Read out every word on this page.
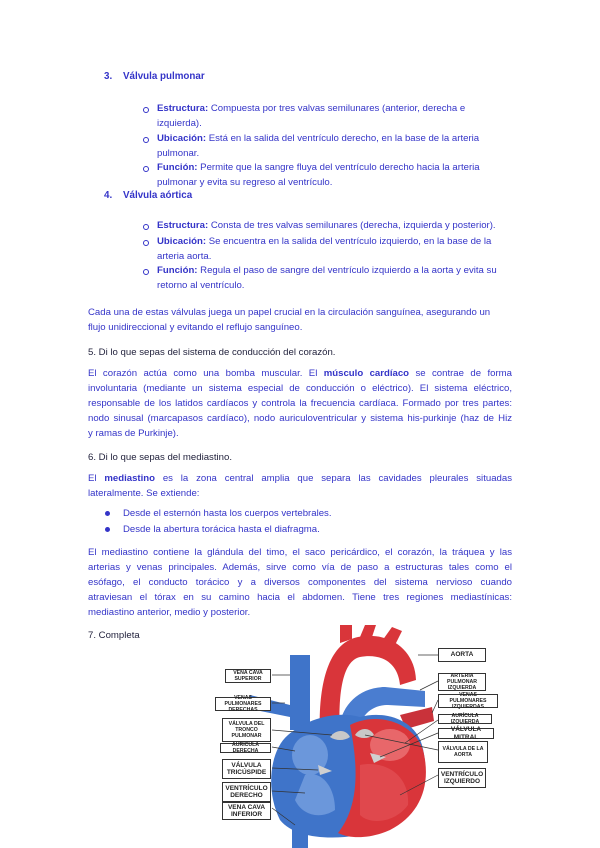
3. Válvula pulmonar
Estructura: Compuesta por tres valvas semilunares (anterior, derecha e
izquierda).
Ubicación: Está en la salida del ventrículo derecho, en la base de la arteria
pulmonar.
Función: Permite que la sangre fluya del ventrículo derecho hacia la arteria
pulmonar y evita su regreso al ventrículo.
4. Válvula aórtica
Estructura: Consta de tres valvas semilunares (derecha, izquierda y posterior).
Ubicación: Se encuentra en la salida del ventrículo izquierdo, en la base de la
arteria aorta.
Función: Regula el paso de sangre del ventrículo izquierdo a la aorta y evita su
retorno al ventrículo.
Cada una de estas válvulas juega un papel crucial en la circulación sanguínea, asegurando un
flujo unidireccional y evitando el reflujo sanguíneo.
5. Di lo que sepas del sistema de conducción del corazón.
El corazón actúa como una bomba muscular. El músculo cardíaco se contrae de forma
involuntaria (mediante un sistema especial de conducción o eléctrico). El sistema eléctrico,
responsable de los latidos cardíacos y controla la frecuencia cardíaca. Formado por tres partes:
nodo sinusal (marcapasos cardíaco), nodo auriculoventricular y sistema his-purkinje (haz de Hiz
y ramas de Purkinje).
6. Di lo que sepas del mediastino.
El mediastino es la zona central amplia que separa las cavidades pleurales situadas
lateralmente. Se extiende:
Desde el esternón hasta los cuerpos vertebrales.
Desde la abertura torácica hasta el diafragma.
El mediastino contiene la glándula del timo, el saco pericárdico, el corazón, la tráquea y las
arterias y venas principales. Además, sirve como vía de paso a estructuras tales como el
esófago, el conducto torácico y a diversos componentes del sistema nervioso cuando
atraviesan el tórax en su camino hacia el abdomen. Tiene tres regiones mediastínicas:
mediastino anterior, medio y posterior.
7. Completa
VENA CAVA SUPERIOR
VENAS PULMONARES DERECHAS
VÁLVULA DEL TRONCO PULMONAR
AURÍCULA DERECHA
VÁLVULA TRICÚSPIDE
VENTRÍCULO DERECHO
VENA CAVA INFERIOR
AORTA
ARTERIA PULMONAR IZQUIERDA
VENAS PULMONARES IZQUIERDAS
AURÍCULA IZQUIERDA
VÁLVULA MITRAL
VÁLVULA DE LA AORTA
VENTRÍCULO IZQUIERDO
